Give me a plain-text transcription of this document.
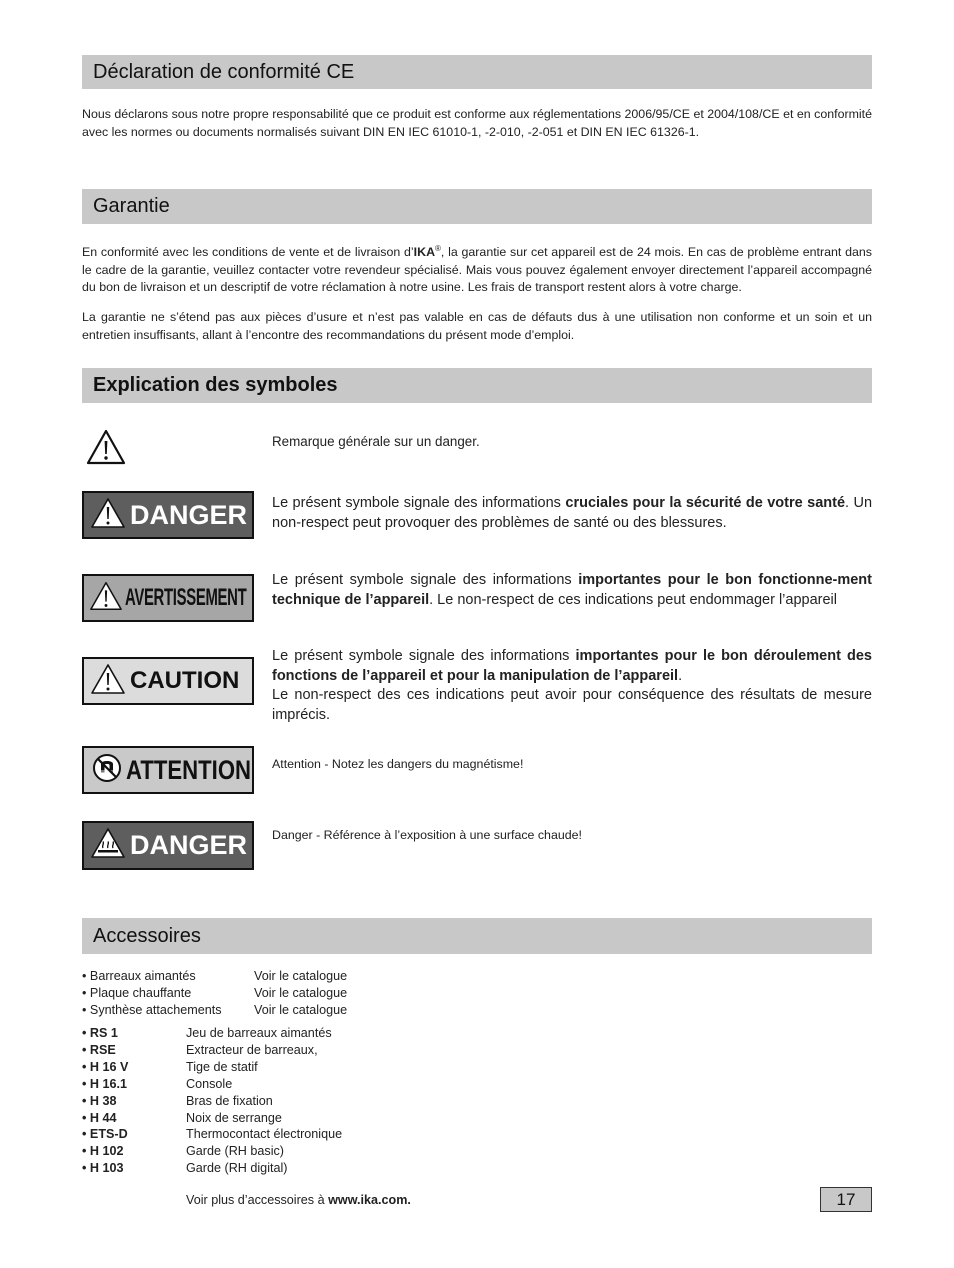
Déclaration de conformité CE
Nous déclarons sous notre propre responsabilité que ce produit est conforme aux réglementations 2006/95/CE et 2004/108/CE et en conformité avec les normes ou documents normalisés suivant DIN EN IEC 61010-1, -2-010, -2-051 et DIN EN IEC 61326-1.
Garantie
En conformité avec les conditions de vente et de livraison d’IKA®, la garantie sur cet appareil est de 24 mois. En cas de problème entrant dans le cadre de la garantie, veuillez contacter votre revendeur spécialisé. Mais vous pouvez également envoyer directement l’appareil accompagné du bon de livraison et un descriptif de votre réclamation à notre usine. Les frais de transport restent alors à votre charge.
La garantie ne s’étend pas aux pièces d’usure et n’est pas valable en cas de défauts dus à une utilisation non conforme et un soin et un entretien insuffisants, allant à l’encontre des recommandations du présent mode d’emploi.
Explication des symboles
Remarque générale sur un danger.
DANGER Le présent symbole signale des informations cruciales pour la sécurité de votre santé. Un non-respect peut provoquer des problèmes de santé ou des blessures.
AVERTISSEMENT
Le présent symbole signale des informations importantes pour le bon fonctionne-ment technique de l’appareil. Le non-respect de ces indications peut endommager l’appareil
CAUTION
Le présent symbole signale des informations importantes pour le bon déroulement des fonctions de l’appareil et pour la manipulation de l’appareil.
Le non-respect des ces indications peut avoir pour conséquence des résultats de mesure imprécis.
ATTENTION Attention - Notez les dangers du magnétisme!
DANGER Danger - Référence à l’exposition à une surface chaude!
Accessoires
• Barreaux aimantés	Voir le catalogue
• Plaque chauffante	Voir le catalogue
• Synthèse attachements	Voir le catalogue
• RS 1	Jeu de barreaux aimantés
• RSE	Extracteur de barreaux,
• H 16 V	Tige de statif
• H 16.1	Console
• H 38	Bras de fixation
• H 44	Noix de serrange
• ETS-D	Thermocontact électronique
• H 102	Garde (RH basic)
• H 103	Garde (RH digital)
Voir plus d’accessoires à www.ika.com.	17
